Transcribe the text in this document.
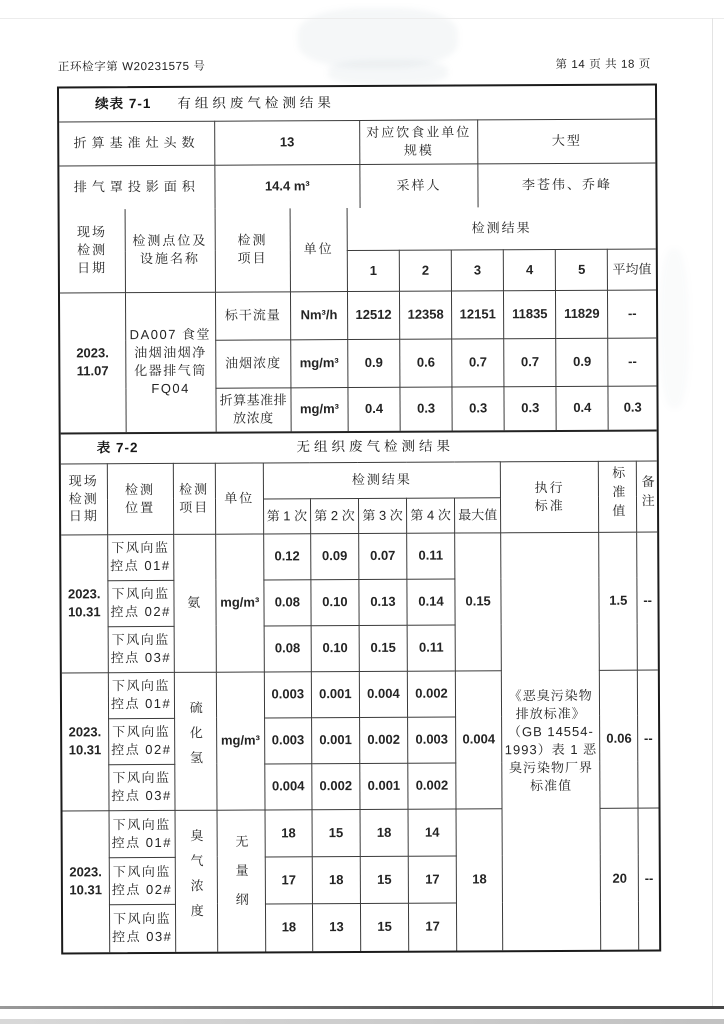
正环检字第 W20231575 号	第 14 页 共 18 页
续表 7-1 有组织废气检测结果			

折算基准灶头数	13	对应饮食业单位规模	大型
排气罩投影面积	14.4 m³	采样人	李苍伟、乔峰
现场检测日期	检测点位及设施名称	检测项目	单位	检测结果					
				1	2	3	4	5	平均值
2023.
11.07	DA007 食堂油烟油烟净化器排气筒 FQ04	标干流量	Nm³/h	12512	12358	12151	11835	11829	--
		油烟浓度	mg/m³	0.9	0.6	0.7	0.7	0.9	--
		折算基准排放浓度	mg/m³	0.4	0.3	0.3	0.3	0.4	0.3
表 7-2 无组织废气检测结果											

现场检测日期	检测位置	检测项目	单位	检测结果					执行标准	标准值	备注
				第 1 次	第 2 次	第 3 次	第 4 次	最大值			
2023.
10.31	下风向监控点 01#	氨	mg/m³	0.12	0.09	0.07	0.11	0.15	《恶臭污染物排放标准》（GB 14554-1993）表 1 恶臭污染物厂界标准值	1.5	--
	下风向监控点 02#			0.08	0.10	0.13	0.14				
	下风向监控点 03#			0.08	0.10	0.15	0.11				
2023.
10.31	下风向监控点 01#	硫化氢	mg/m³	0.003	0.001	0.004	0.002	0.004		0.06	--
	下风向监控点 02#			0.003	0.001	0.002	0.003				
	下风向监控点 03#			0.004	0.002	0.001	0.002				
2023.
10.31	下风向监控点 01#	臭气浓度	无量纲	18	15	18	14	18		20	--
	下风向监控点 02#			17	18	15	17				
	下风向监控点 03#			18	13	15	17				
